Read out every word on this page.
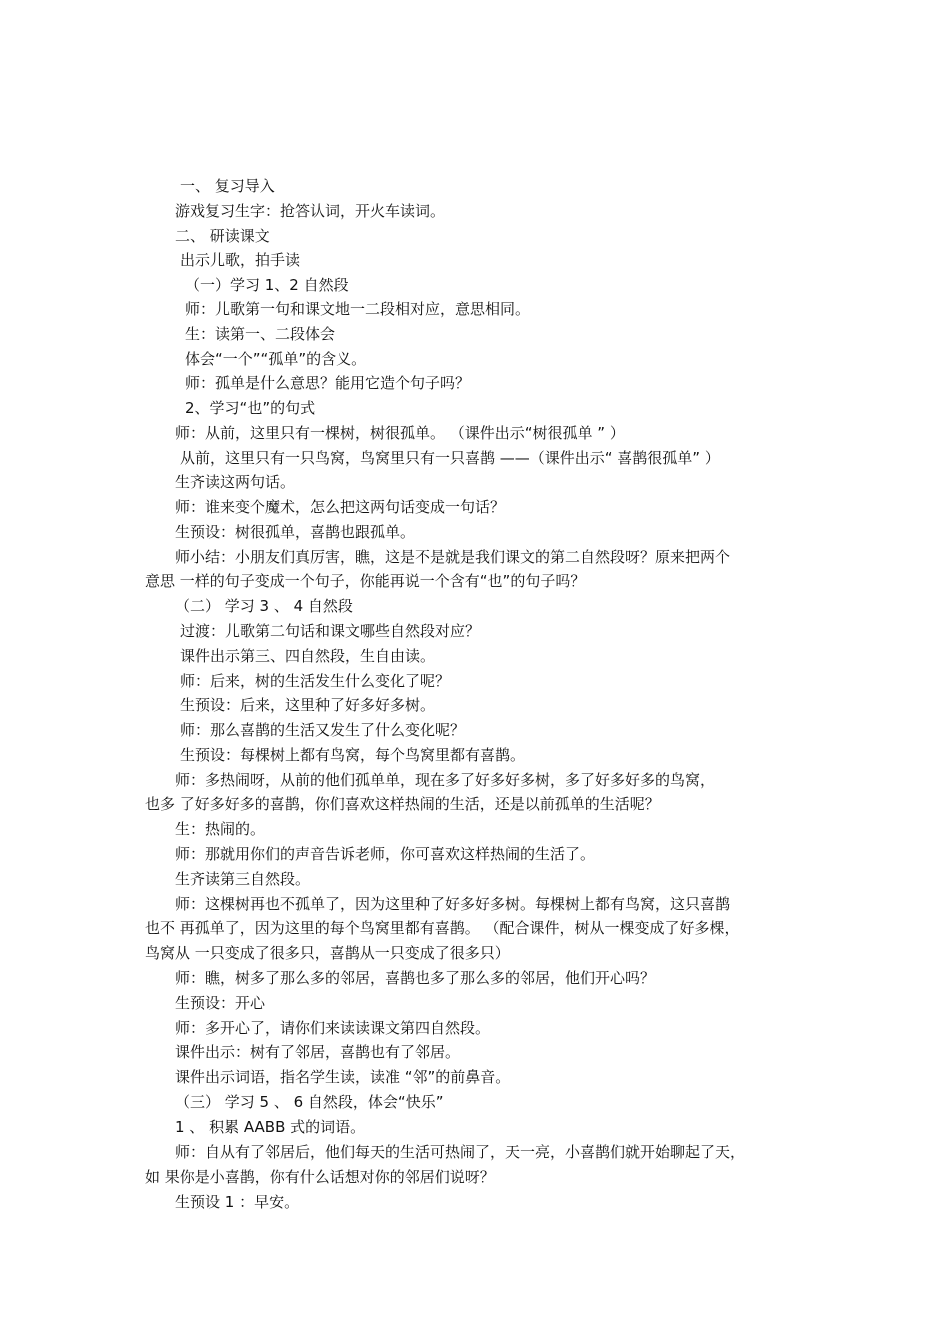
一、 复习导入
游戏复习生字：抢答认词，开火车读词。
二、 研读课文
出示儿歌，拍手读
（一）学习 1、2 自然段
师：儿歌第一句和课文地一二段相对应，意思相同。
生：读第一、二段体会
体会“一个”“孤单”的含义。
师：孤单是什么意思？能用它造个句子吗？
2、学习“也”的句式
师：从前，这里只有一棵树，树很孤单。 （课件出示“树很孤单 ” ）
从前，这里只有一只鸟窝，鸟窝里只有一只喜鹊 ——（课件出示“ 喜鹊很孤单” ）
生齐读这两句话。
师：谁来变个魔术，怎么把这两句话变成一句话？
生预设：树很孤单，喜鹊也跟孤单。
师小结：小朋友们真厉害，瞧，这是不是就是我们课文的第二自然段呀？原来把两个
意思 一样的句子变成一个句子，你能再说一个含有“也”的句子吗？
（二） 学习 3 、 4 自然段
过渡：儿歌第二句话和课文哪些自然段对应？
课件出示第三、四自然段，生自由读。
师：后来，树的生活发生什么变化了呢？
生预设：后来，这里种了好多好多树。
师：那么喜鹊的生活又发生了什么变化呢？
生预设：每棵树上都有鸟窝，每个鸟窝里都有喜鹊。
师：多热闹呀，从前的他们孤单单，现在多了好多好多树，多了好多好多的鸟窝，
也多 了好多好多的喜鹊，你们喜欢这样热闹的生活，还是以前孤单的生活呢？
生：热闹的。
师：那就用你们的声音告诉老师，你可喜欢这样热闹的生活了。
生齐读第三自然段。
师：这棵树再也不孤单了，因为这里种了好多好多树。每棵树上都有鸟窝，这只喜鹊
也不 再孤单了，因为这里的每个鸟窝里都有喜鹊。 （配合课件，树从一棵变成了好多棵，
鸟窝从 一只变成了很多只，喜鹊从一只变成了很多只）
师：瞧，树多了那么多的邻居，喜鹊也多了那么多的邻居，他们开心吗？
生预设：开心
师：多开心了，请你们来读读课文第四自然段。
课件出示：树有了邻居，喜鹊也有了邻居。
课件出示词语，指名学生读，读准 “邻”的前鼻音。
（三） 学习 5 、 6 自然段，体会“快乐”
1 、 积累 AABB 式的词语。
师：自从有了邻居后，他们每天的生活可热闹了，天一亮，小喜鹊们就开始聊起了天，
如 果你是小喜鹊，你有什么话想对你的邻居们说呀？
生预设 1 ：早安。
